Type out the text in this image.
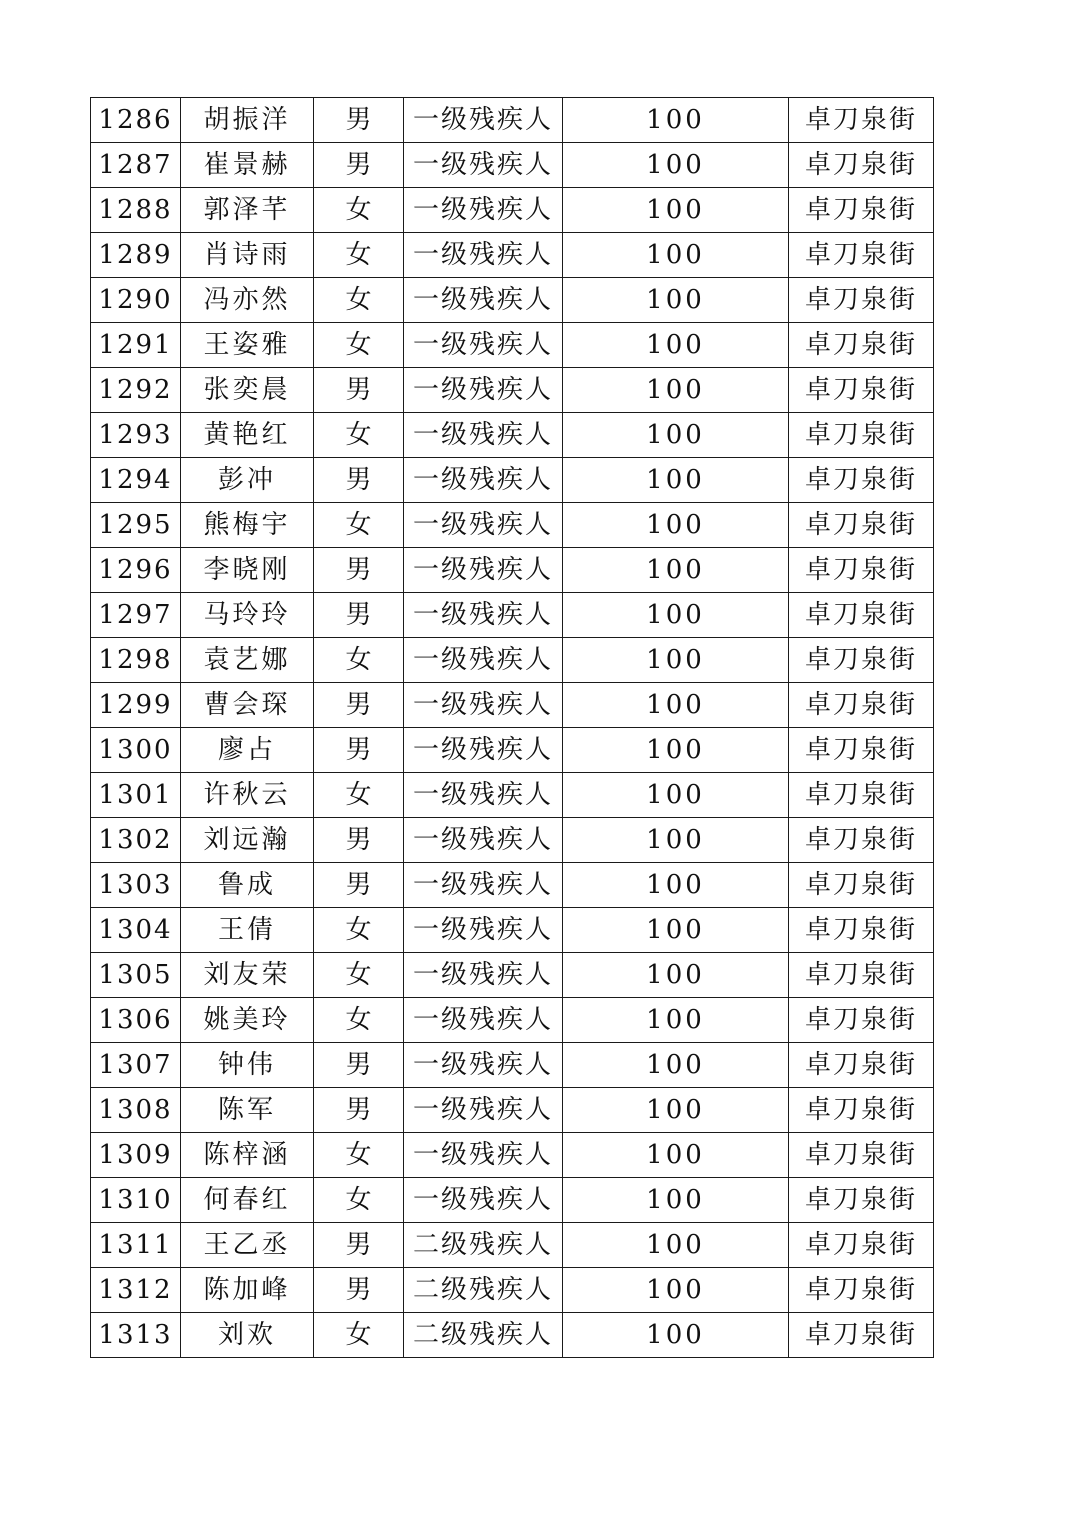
1286	胡振洋	男	一级残疾人	100	卓刀泉街
1287	崔景赫	男	一级残疾人	100	卓刀泉街
1288	郭泽芊	女	一级残疾人	100	卓刀泉街
1289	肖诗雨	女	一级残疾人	100	卓刀泉街
1290	冯亦然	女	一级残疾人	100	卓刀泉街
1291	王姿雅	女	一级残疾人	100	卓刀泉街
1292	张奕晨	男	一级残疾人	100	卓刀泉街
1293	黄艳红	女	一级残疾人	100	卓刀泉街
1294	彭冲	男	一级残疾人	100	卓刀泉街
1295	熊梅宇	女	一级残疾人	100	卓刀泉街
1296	李晓刚	男	一级残疾人	100	卓刀泉街
1297	马玲玲	男	一级残疾人	100	卓刀泉街
1298	袁艺娜	女	一级残疾人	100	卓刀泉街
1299	曹会琛	男	一级残疾人	100	卓刀泉街
1300	廖占	男	一级残疾人	100	卓刀泉街
1301	许秋云	女	一级残疾人	100	卓刀泉街
1302	刘远瀚	男	一级残疾人	100	卓刀泉街
1303	鲁成	男	一级残疾人	100	卓刀泉街
1304	王倩	女	一级残疾人	100	卓刀泉街
1305	刘友荣	女	一级残疾人	100	卓刀泉街
1306	姚美玲	女	一级残疾人	100	卓刀泉街
1307	钟伟	男	一级残疾人	100	卓刀泉街
1308	陈军	男	一级残疾人	100	卓刀泉街
1309	陈梓涵	女	一级残疾人	100	卓刀泉街
1310	何春红	女	一级残疾人	100	卓刀泉街
1311	王乙丞	男	二级残疾人	100	卓刀泉街
1312	陈加峰	男	二级残疾人	100	卓刀泉街
1313	刘欢	女	二级残疾人	100	卓刀泉街
